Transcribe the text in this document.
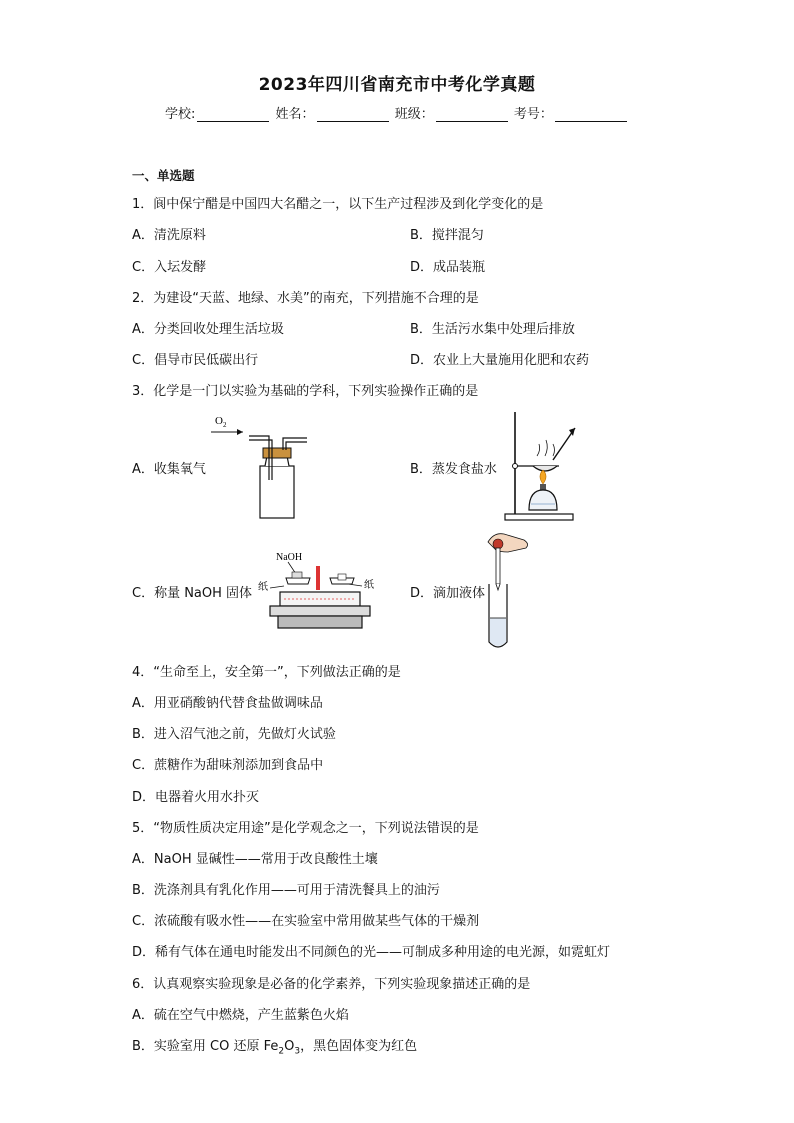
2023年四川省南充市中考化学真题
学校:	姓名：	班级：	考号：
一、单选题
1．阆中保宁醋是中国四大名醋之一，以下生产过程涉及到化学变化的是
A．清洗原料	B．搅拌混匀
C．入坛发酵	D．成品装瓶
2．为建设“天蓝、地绿、水美”的南充，下列措施不合理的是
A．分类回收处理生活垃圾	B．生活污水集中处理后排放
C．倡导市民低碳出行	D．农业上大量施用化肥和农药
3．化学是一门以实验为基础的学科，下列实验操作正确的是
A．收集氧气	B．蒸发食盐水
C．称量 NaOH 固体	D．滴加液体
$O_2$
NaOH
纸	纸
4．“生命至上，安全第一”，下列做法正确的是
A．用亚硝酸钠代替食盐做调味品
B．进入沼气池之前，先做灯火试验
C．蔗糖作为甜味剂添加到食品中
D．电器着火用水扑灭
5．“物质性质决定用途”是化学观念之一，下列说法错误的是
A．NaOH 显碱性——常用于改良酸性土壤
B．洗涤剂具有乳化作用——可用于清洗餐具上的油污
C．浓硫酸有吸水性——在实验室中常用做某些气体的干燥剂
D．稀有气体在通电时能发出不同颜色的光——可制成多种用途的电光源，如霓虹灯
6．认真观察实验现象是必备的化学素养，下列实验现象描述正确的是
A．硫在空气中燃烧，产生蓝紫色火焰
B．实验室用 CO 还原 $Fe_2O_3$，黑色固体变为红色
